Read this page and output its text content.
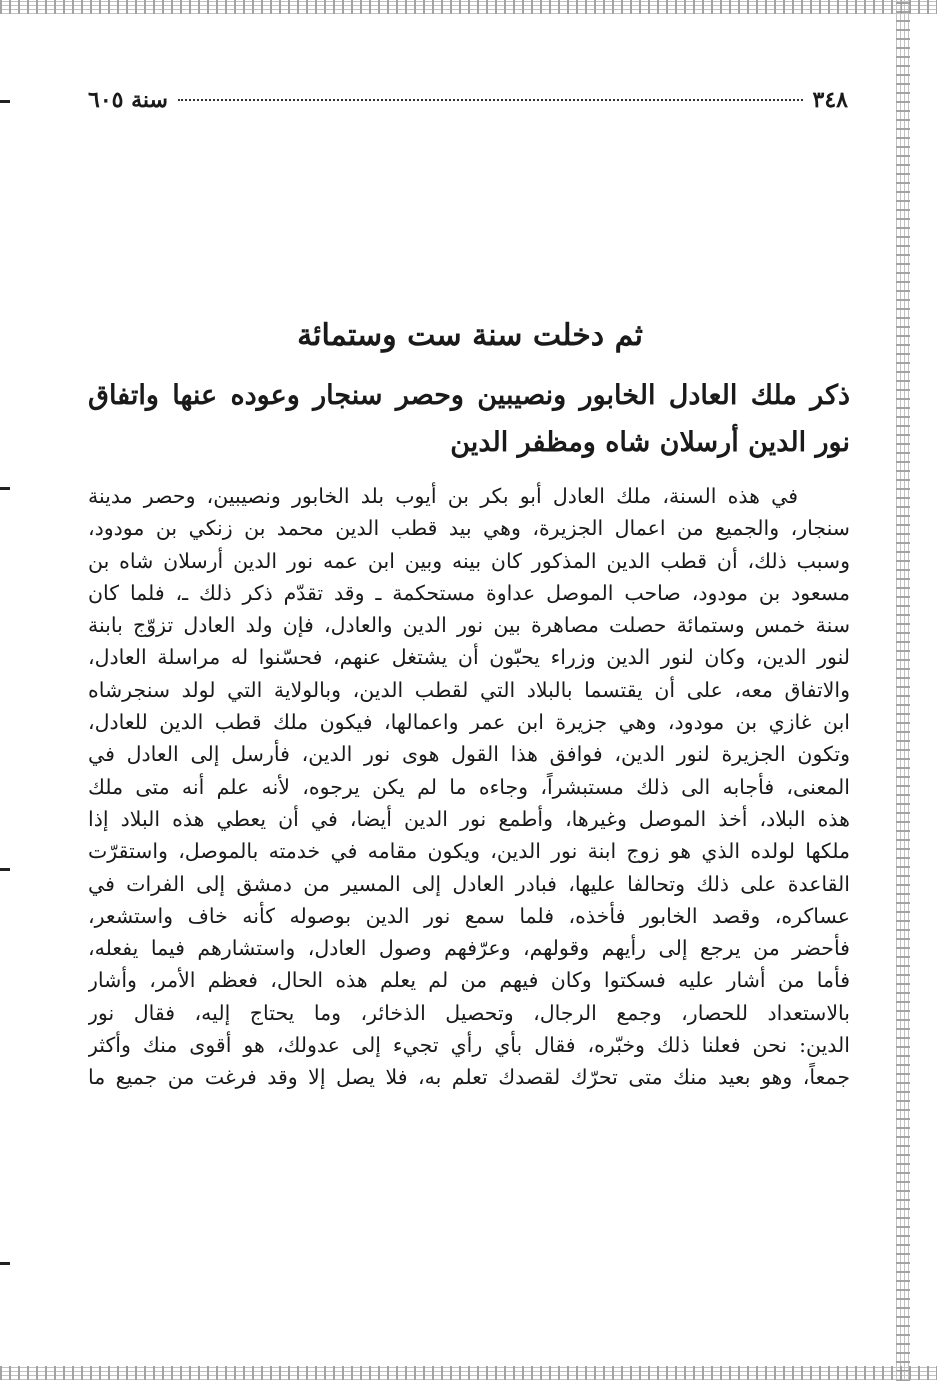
٣٤٨
سنة ٦٠٥
ثم دخلت سنة ست وستمائة
ذكر ملك العادل الخابور ونصيبين وحصر سنجار وعوده عنها واتفاق نور الدين أرسلان شاه ومظفر الدين
في هذه السنة، ملك العادل أبو بكر بن أيوب بلد الخابور ونصيبين، وحصر مدينة
سنجار، والجميع من اعمال الجزيرة، وهي بيد قطب الدين محمد بن زنكي بن مودود،
وسبب ذلك، أن قطب الدين المذكور كان بينه وبين ابن عمه نور الدين أرسلان شاه بن
مسعود بن مودود، صاحب الموصل عداوة مستحكمة ـ وقد تقدّم ذكر ذلك ـ، فلما كان
سنة خمس وستمائة حصلت مصاهرة بين نور الدين والعادل، فإن ولد العادل تزوّج بابنة
لنور الدين، وكان لنور الدين وزراء يحبّون أن يشتغل عنهم، فحسّنوا له مراسلة العادل،
والاتفاق معه، على أن يقتسما بالبلاد التي لقطب الدين، وبالولاية التي لولد سنجرشاه
ابن غازي بن مودود، وهي جزيرة ابن عمر واعمالها، فيكون ملك قطب الدين للعادل،
وتكون الجزيرة لنور الدين، فوافق هذا القول هوى نور الدين، فأرسل إلى العادل في
المعنى، فأجابه الى ذلك مستبشراً، وجاءه ما لم يكن يرجوه، لأنه علم أنه متى ملك
هذه البلاد، أخذ الموصل وغيرها، وأطمع نور الدين أيضا، في أن يعطي هذه البلاد إذا
ملكها لولده الذي هو زوج ابنة نور الدين، ويكون مقامه في خدمته بالموصل، واستقرّت
القاعدة على ذلك وتحالفا عليها، فبادر العادل إلى المسير من دمشق إلى الفرات في
عساكره، وقصد الخابور فأخذه، فلما سمع نور الدين بوصوله كأنه خاف واستشعر،
فأحضر من يرجع إلى رأيهم وقولهم، وعرّفهم وصول العادل، واستشارهم فيما يفعله،
فأما من أشار عليه فسكتوا وكان فيهم من لم يعلم هذه الحال، فعظم الأمر، وأشار
بالاستعداد للحصار، وجمع الرجال، وتحصيل الذخائر، وما يحتاج إليه، فقال نور
الدين: نحن فعلنا ذلك وخبّره، فقال بأي رأي تجيء إلى عدولك، هو أقوى منك وأكثر
جمعاً، وهو بعيد منك متى تحرّك لقصدك تعلم به، فلا يصل إلا وقد فرغت من جميع ما
